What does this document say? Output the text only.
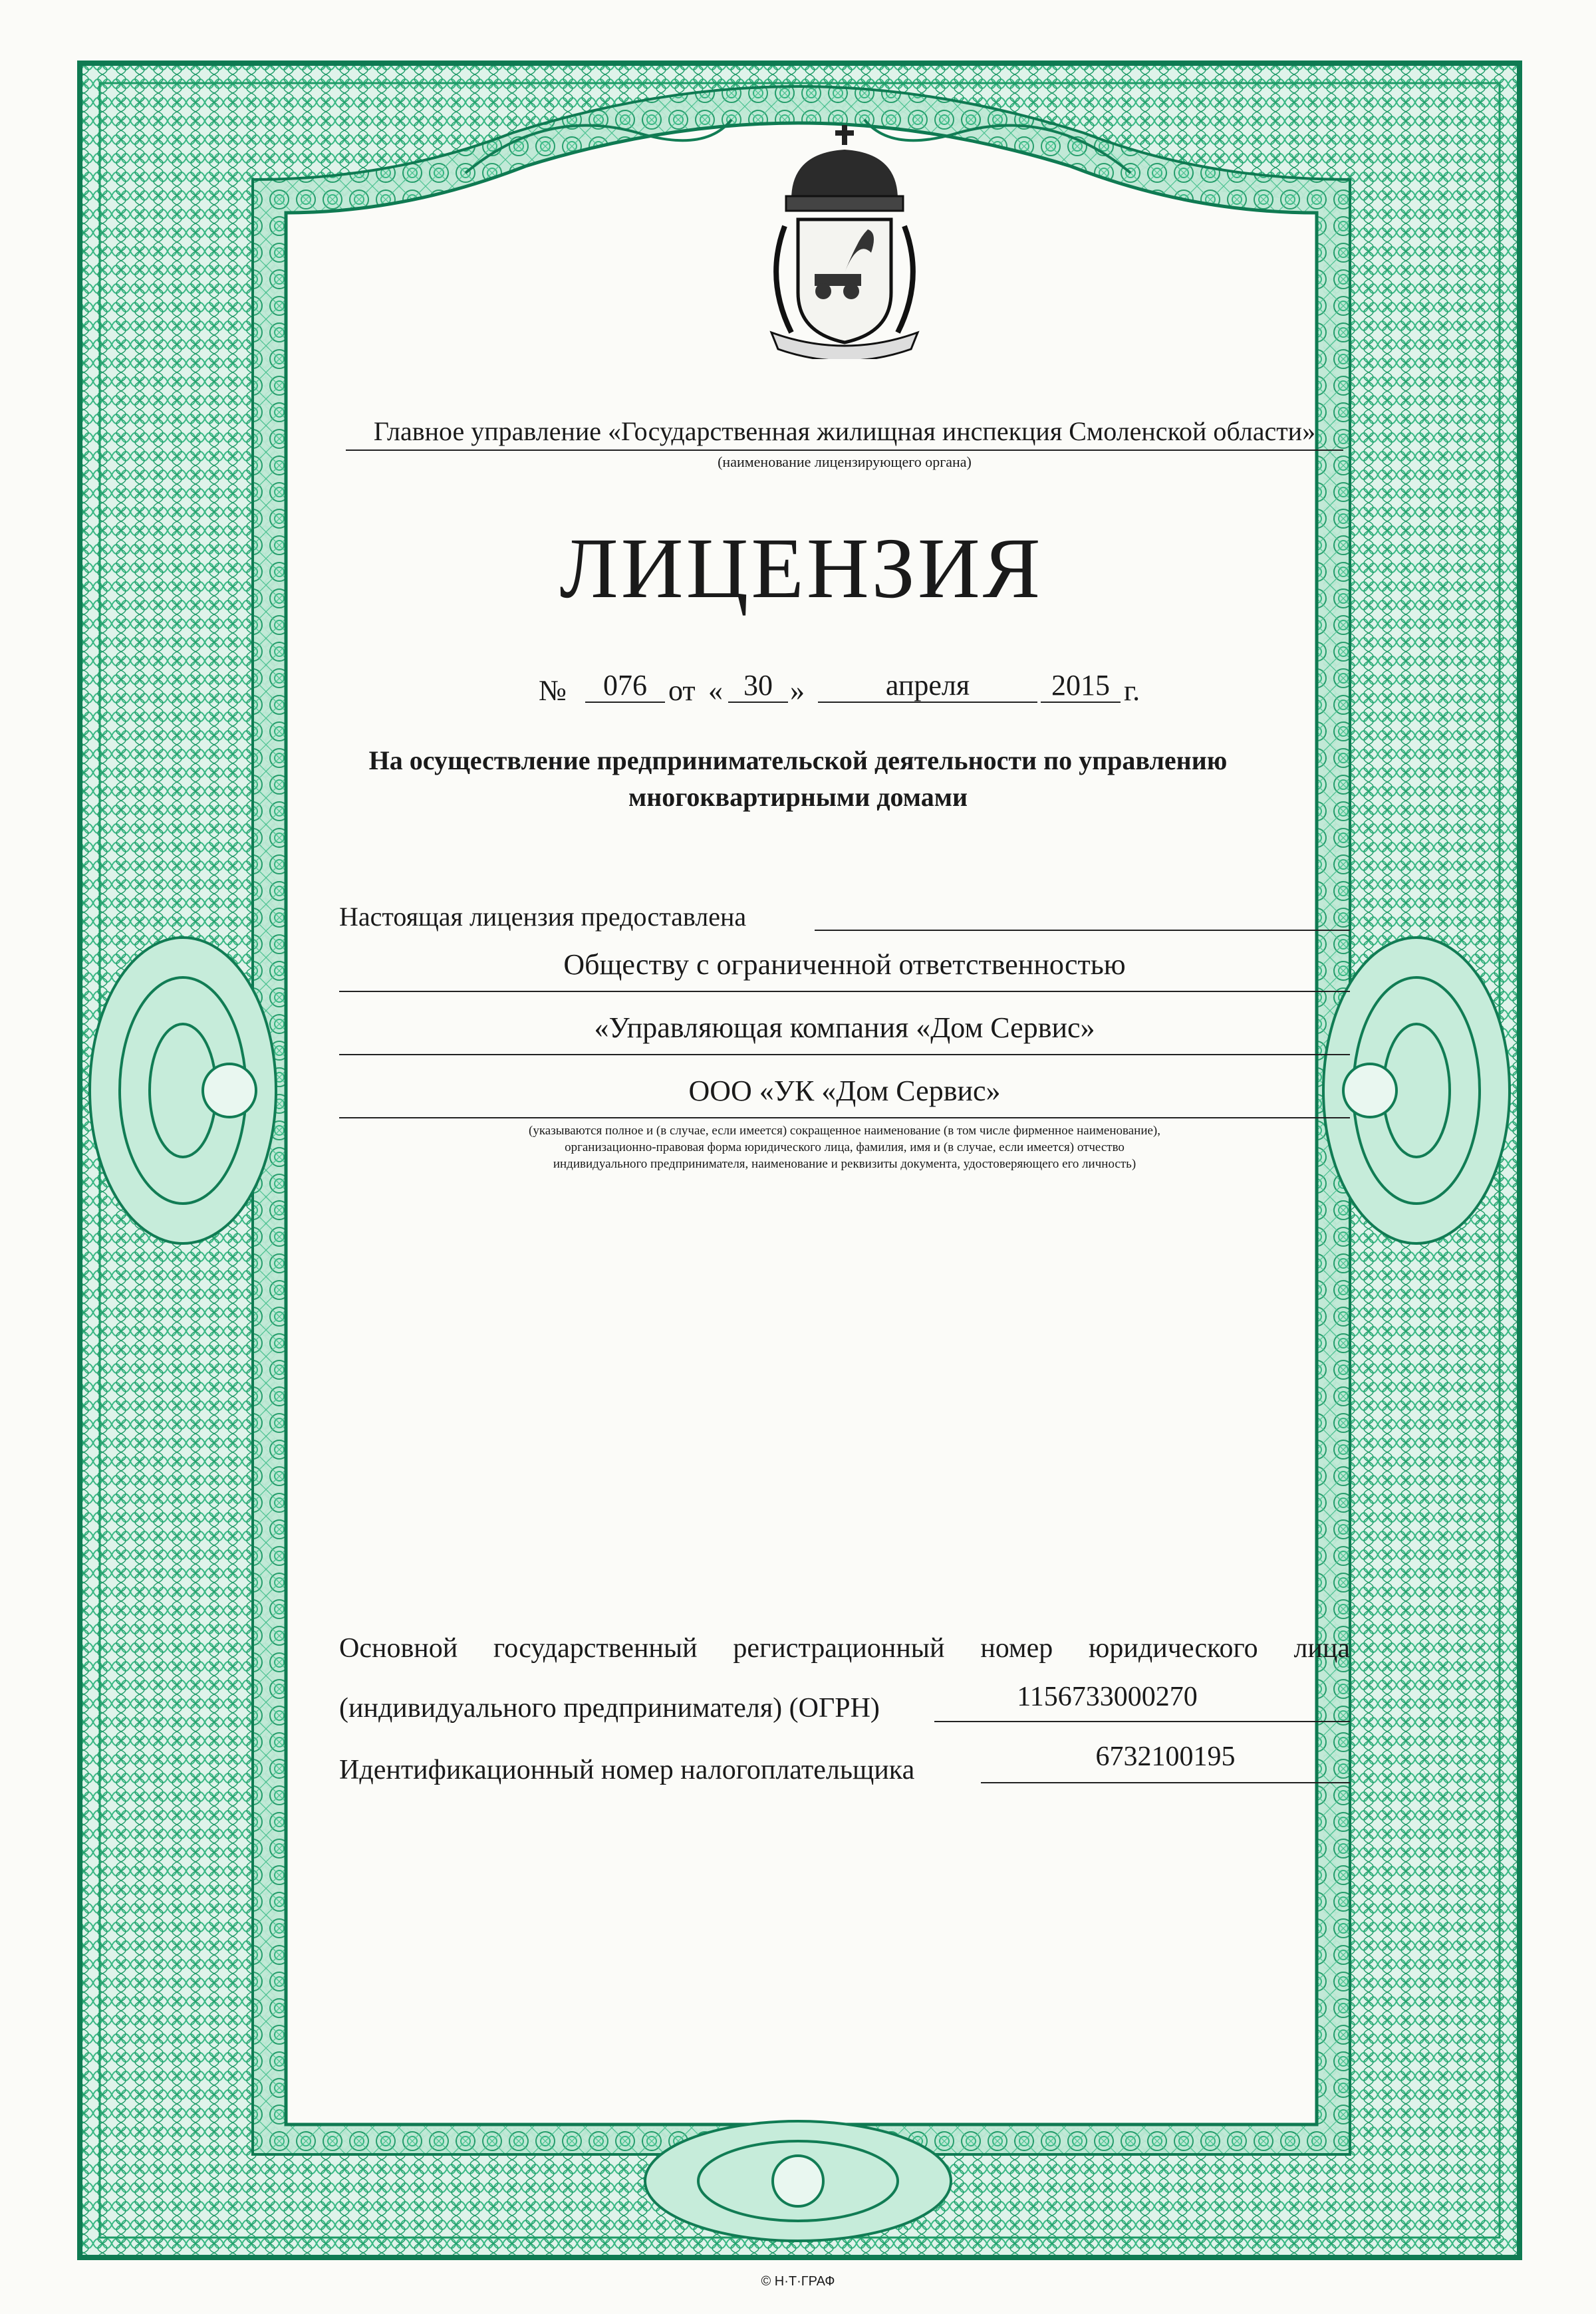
Главное управление «Государственная жилищная инспекция Смоленской области»
(наименование лицензирующего органа)
ЛИЦЕНЗИЯ
№	076 от « 30 »	апреля	2015 г.
На осуществление предпринимательской деятельности по управлению
многоквартирными домами
Настоящая лицензия предоставлена
Обществу с ограниченной ответственностью
«Управляющая компания «Дом Сервис»
ООО «УК «Дом Сервис»
(указываются полное и (в случае, если имеется) сокращенное наименование (в том числе фирменное наименование),
организационно-правовая форма юридического лица, фамилия, имя и (в случае, если имеется) отчество
индивидуального предпринимателя, наименование и реквизиты документа, удостоверяющего его личность)
Основной государственный регистрационный номер юридического лица
(индивидуального предпринимателя) (ОГРН)	1156733000270
Идентификационный номер налогоплательщика	6732100195
© Н·Т·ГРАФ
